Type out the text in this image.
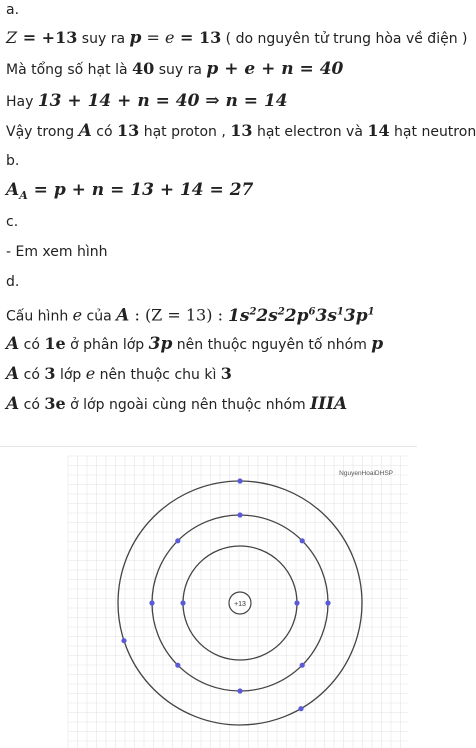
a.
Z = +13 suy ra p = e = 13 ( do nguyên tử trung hòa về điện )
Mà tổng số hạt là 40 suy ra p + e + n = 40
Hay 13 + 14 + n = 40 ⇒ n = 14
Vậy trong A có 13 hạt proton , 13 hạt electron và 14 hạt neutron
b.
$A_A = p + n = 13 + 14 = 27$
c.
- Em xem hình
d.
Cấu hình e của A : (Z = 13) : $1s^22s^22p^63s^13p^1$
A có 1e ở phân lớp 3p nên thuộc nguyên tố nhóm p
A có 3 lớp e nên thuộc chu kì 3
A có 3e ở lớp ngoài cùng nên thuộc nhóm IIIA
NguyenHoaiDHSP
+13
